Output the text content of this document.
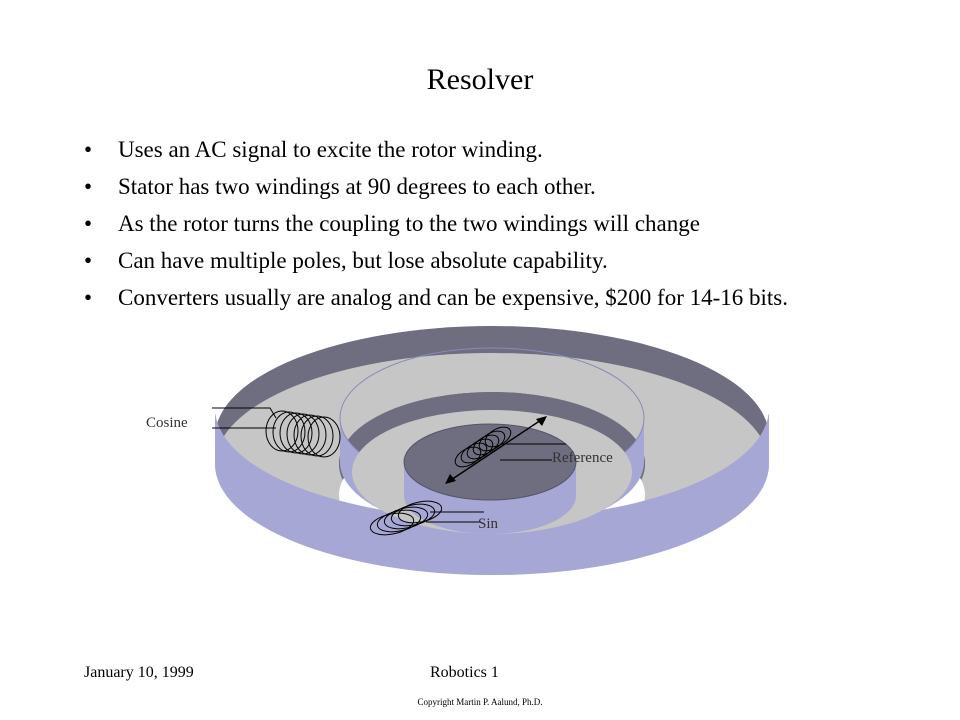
Resolver
• Uses an AC signal to excite the rotor winding.
• Stator has two windings at 90 degrees to each other.
• As the rotor turns the coupling to the two windings will change
• Can have multiple poles, but lose absolute capability.
• Converters usually are analog and can be expensive, $200 for 14-16 bits.
Cosine
Reference
Sin
January 10, 1999	Robotics 1
Copyright Martin P. Aalund, Ph.D.
